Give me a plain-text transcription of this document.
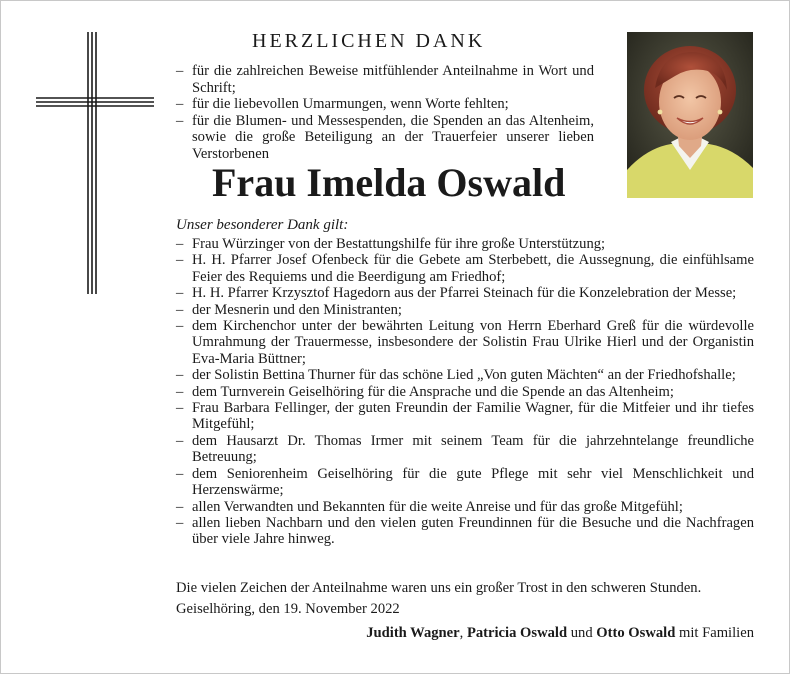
HERZLICHEN DANK
– für die zahlreichen Beweise mitfühlender Anteilnahme in Wort und Schrift;
– für die liebevollen Umarmungen, wenn Worte fehlten;
– für die Blumen- und Messespenden, die Spenden an das Altenheim, sowie die große Beteiligung an der Trauerfeier unserer lieben Verstorbenen
Frau Imelda Oswald

Unser besonderer Dank gilt:

– Frau Würzinger von der Bestattungshilfe für ihre große Unterstützung;
– H. H. Pfarrer Josef Ofenbeck für die Gebete am Sterbebett, die Aussegnung, die einfühlsame Feier des Requiems und die Beerdigung am Friedhof;
– H. H. Pfarrer Krzysztof Hagedorn aus der Pfarrei Steinach für die Konzelebration der Messe;
– der Mesnerin und den Ministranten;
– dem Kirchenchor unter der bewährten Leitung von Herrn Eberhard Greß für die würdevolle Umrahmung der Trauermesse, insbesondere der Solistin Frau Ulrike Hierl und der Organistin Eva-Maria Büttner;
– der Solistin Bettina Thurner für das schöne Lied „Von guten Mächten“ an der Friedhofshalle;
– dem Turnverein Geiselhöring für die Ansprache und die Spende an das Altenheim;
– Frau Barbara Fellinger, der guten Freundin der Familie Wagner, für die Mitfeier und ihr tiefes Mitgefühl;
– dem Hausarzt Dr. Thomas Irmer mit seinem Team für die jahrzehntelange freundliche Betreuung;
– dem Seniorenheim Geiselhöring für die gute Pflege mit sehr viel Menschlichkeit und Herzenswärme;
– allen Verwandten und Bekannten für die weite Anreise und für das große Mitgefühl;
– allen lieben Nachbarn und den vielen guten Freundinnen für die Besuche und die Nachfragen über viele Jahre hinweg.

Die vielen Zeichen der Anteilnahme waren uns ein großer Trost in den schweren Stunden.

Geiselhöring, den 19. November 2022

Judith Wagner, Patricia Oswald und Otto Oswald mit Familien
